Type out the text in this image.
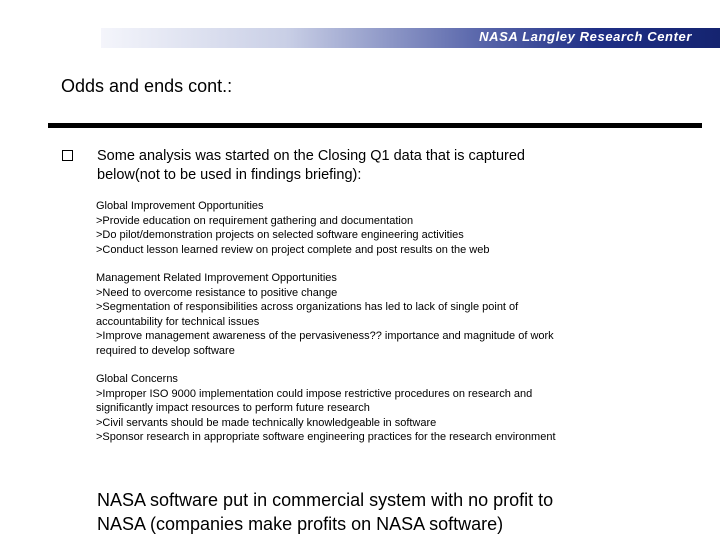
NASA Langley Research Center
Odds and ends cont.:
Some analysis was started on the Closing Q1 data that is captured
below(not to be used in findings briefing):
Global Improvement Opportunities
>Provide education on requirement gathering and documentation
>Do pilot/demonstration projects on selected software engineering activities
>Conduct lesson learned review on project complete and post results on the web
Management Related Improvement Opportunities
>Need to overcome resistance to positive change
>Segmentation of responsibilities across organizations has led to lack of single point of
accountability for technical issues
>Improve management awareness of the pervasiveness?? importance and magnitude of work
required to develop software
Global Concerns
>Improper ISO 9000 implementation could impose restrictive procedures on research and
significantly impact resources to perform future research
>Civil servants should be made technically knowledgeable in software
>Sponsor research in appropriate software engineering practices for the research environment
NASA software put in commercial system with no profit to
NASA (companies make profits on NASA software)
